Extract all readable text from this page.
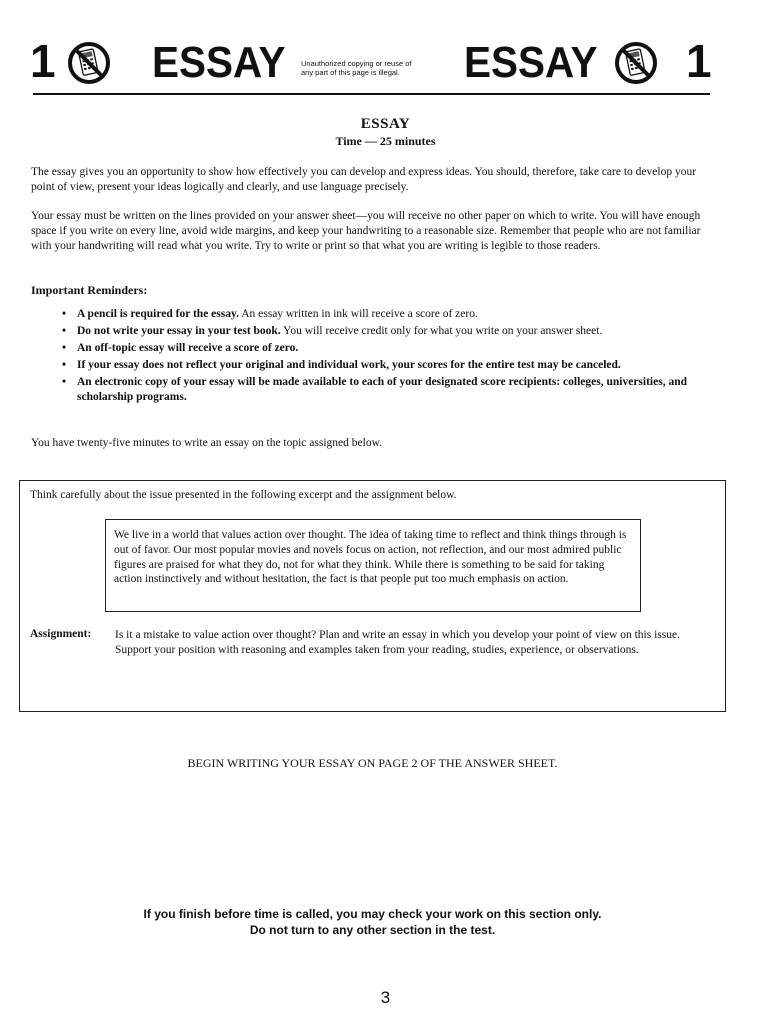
1 ESSAY Unauthorized copying or reuse of
any part of this page is illegal.	ESSAY 1
ESSAY
Time — 25 minutes
The essay gives you an opportunity to show how effectively you can develop and express ideas. You should, therefore, take care to develop your point of view, present your ideas logically and clearly, and use language precisely.
Your essay must be written on the lines provided on your answer sheet—you will receive no other paper on which to write. You will have enough space if you write on every line, avoid wide margins, and keep your handwriting to a reasonable size. Remember that people who are not familiar with your handwriting will read what you write. Try to write or print so that what you are writing is legible to those readers.
Important Reminders:
• A pencil is required for the essay. An essay written in ink will receive a score of zero.
• Do not write your essay in your test book. You will receive credit only for what you write on your answer sheet.
• An off-topic essay will receive a score of zero.
• If your essay does not reflect your original and individual work, your scores for the entire test may be canceled.
• An electronic copy of your essay will be made available to each of your designated score recipients: colleges, universities, and scholarship programs.
You have twenty-five minutes to write an essay on the topic assigned below.
Think carefully about the issue presented in the following excerpt and the assignment below.
We live in a world that values action over thought. The idea of taking time to reflect and think things through is out of favor. Our most popular movies and novels focus on action, not reflection, and our most admired public figures are praised for what they do, not for what they think. While there is something to be said for taking action instinctively and without hesitation, the fact is that people put too much emphasis on action.
Assignment: Is it a mistake to value action over thought? Plan and write an essay in which you develop your point of view on this issue. Support your position with reasoning and examples taken from your reading, studies, experience, or observations.
BEGIN WRITING YOUR ESSAY ON PAGE 2 OF THE ANSWER SHEET.
If you finish before time is called, you may check your work on this section only.
Do not turn to any other section in the test.
3
